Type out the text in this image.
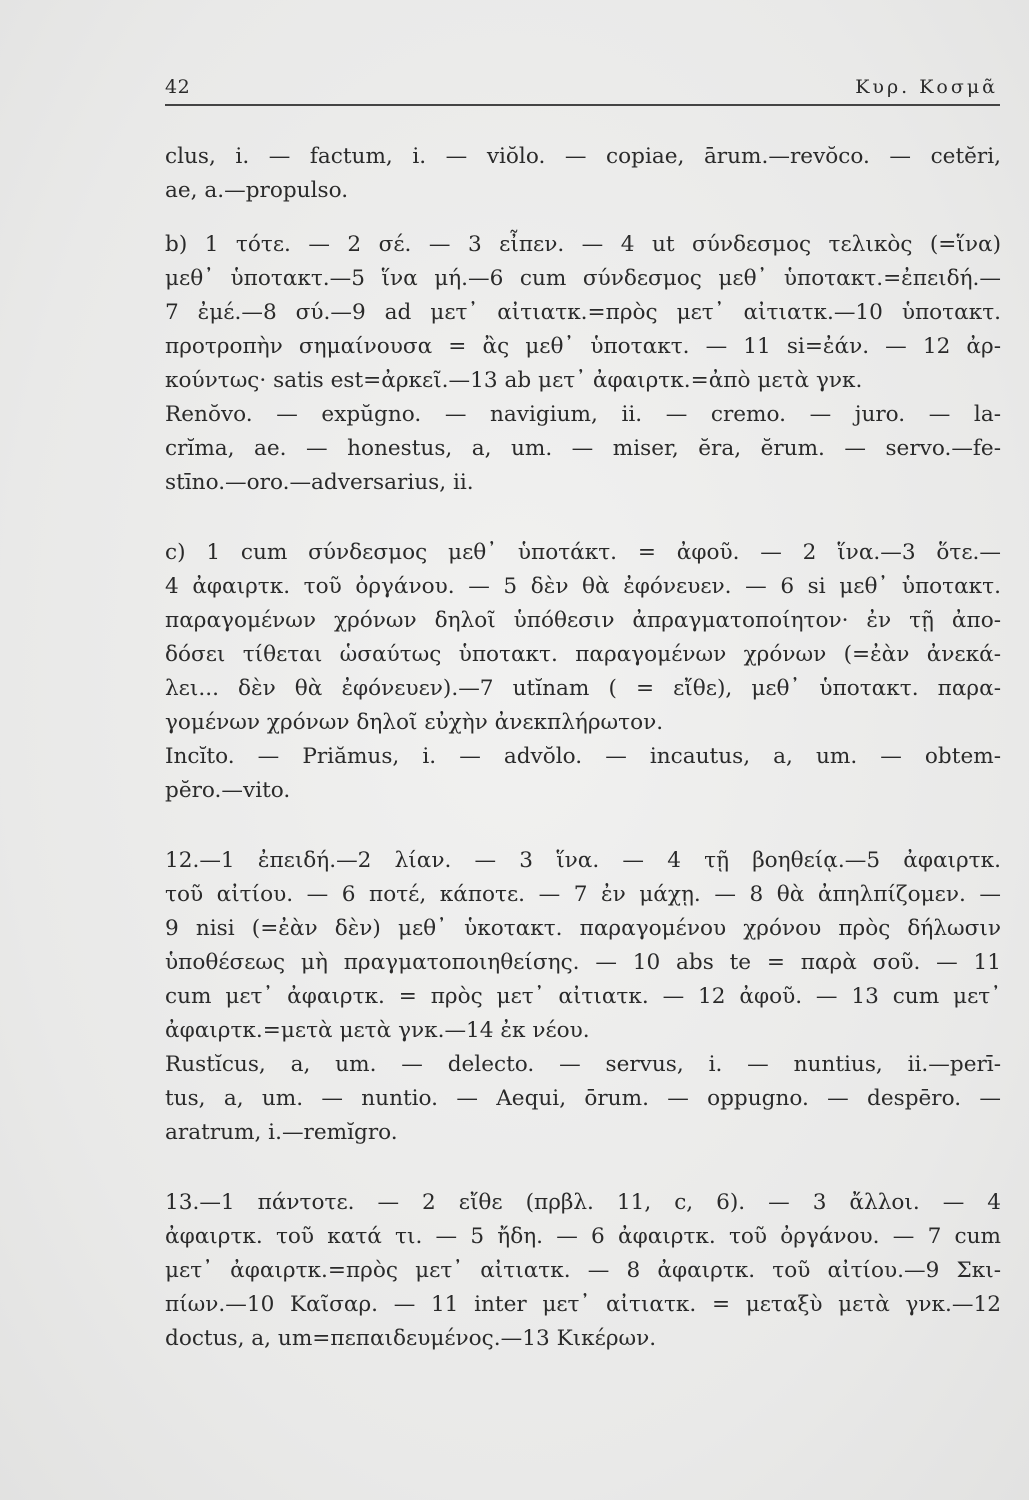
42	Κυρ. Κοσμᾶ
clus, i. — factum, i. — viŏlo. — copiae, ārum.—revŏco. — cetĕri,
ae, a.—propulso.
b) 1 τότε. — 2 σέ. — 3 εἶπεν. — 4 ut σύνδεσμος τελικὸς (=ἵνα)
μεθ᾽ ὑποτακτ.—5 ἵνα μή.—6 cum σύνδεσμος μεθ᾽ ὑποτακτ.=ἐπειδή.—
7 ἐμέ.—8 σύ.—9 ad μετ᾽ αἰτιατκ.=πρὸς μετ᾽ αἰτιατκ.—10 ὑποτακτ.
προτροπὴν σημαίνουσα = ἂς μεθ᾽ ὑποτακτ. — 11 si=ἐάν. — 12 ἀρ-
κούντως· satis est=ἀρκεῖ.—13 ab μετ᾽ ἀφαιρτκ.=ἀπὸ μετὰ γνκ.
Renŏvo. — expŭgno. — navigium, ii. — cremo. — juro. — la-
crĭma, ae. — honestus, a, um. — miser, ĕra, ĕrum. — servo.—fe-
stīno.—oro.—adversarius, ii.
c) 1 cum σύνδεσμος μεθ᾽ ὑποτάκτ. = ἀφοῦ. — 2 ἵνα.—3 ὅτε.—
4 ἀφαιρτκ. τοῦ ὀργάνου. — 5 δὲν θὰ ἐφόνευεν. — 6 si μεθ᾽ ὑποτακτ.
παραγομένων χρόνων δηλοῖ ὑπόθεσιν ἀπραγματοποίητον· ἐν τῇ ἀπο-
δόσει τίθεται ὡσαύτως ὑποτακτ. παραγομένων χρόνων (=ἐὰν ἀνεκά-
λει... δὲν θὰ ἐφόνευεν).—7 utĭnam ( = εἴθε), μεθ᾽ ὑποτακτ. παρα-
γομένων χρόνων δηλοῖ εὐχὴν ἀνεκπλήρωτον.
Incĭto. — Priămus, i. — advŏlo. — incautus, a, um. — obtem-
pĕro.—vito.
12.—1 ἐπειδή.—2 λίαν. — 3 ἵνα. — 4 τῇ βοηθείᾳ.—5 ἀφαιρτκ.
τοῦ αἰτίου. — 6 ποτέ, κάποτε. — 7 ἐν μάχῃ. — 8 θὰ ἀπηλπίζομεν. —
9 nisi (=ἐὰν δὲν) μεθ᾽ ὑκοτακτ. παραγομένου χρόνου πρὸς δήλωσιν
ὑποθέσεως μὴ πραγματοποιηθείσης. — 10 abs te = παρὰ σοῦ. — 11
cum μετ᾽ ἀφαιρτκ. = πρὸς μετ᾽ αἰτιατκ. — 12 ἀφοῦ. — 13 cum μετ᾽
ἀφαιρτκ.=μετὰ μετὰ γνκ.—14 ἐκ νέου.
Rustĭcus, a, um. — delecto. — servus, i. — nuntius, ii.—perī-
tus, a, um. — nuntio. — Aequi, ōrum. — oppugno. — despēro. —
aratrum, i.—remĭgro.
13.—1 πάντοτε. — 2 εἴθε (πρβλ. 11, c, 6). — 3 ἄλλοι. — 4
ἀφαιρτκ. τοῦ κατά τι. — 5 ἤδη. — 6 ἀφαιρτκ. τοῦ ὀργάνου. — 7 cum
μετ᾽ ἀφαιρτκ.=πρὸς μετ᾽ αἰτιατκ. — 8 ἀφαιρτκ. τοῦ αἰτίου.—9 Σκι-
πίων.—10 Καῖσαρ. — 11 inter μετ᾽ αἰτιατκ. = μεταξὺ μετὰ γνκ.—12
doctus, a, um=πεπαιδευμένος.—13 Κικέρων.
